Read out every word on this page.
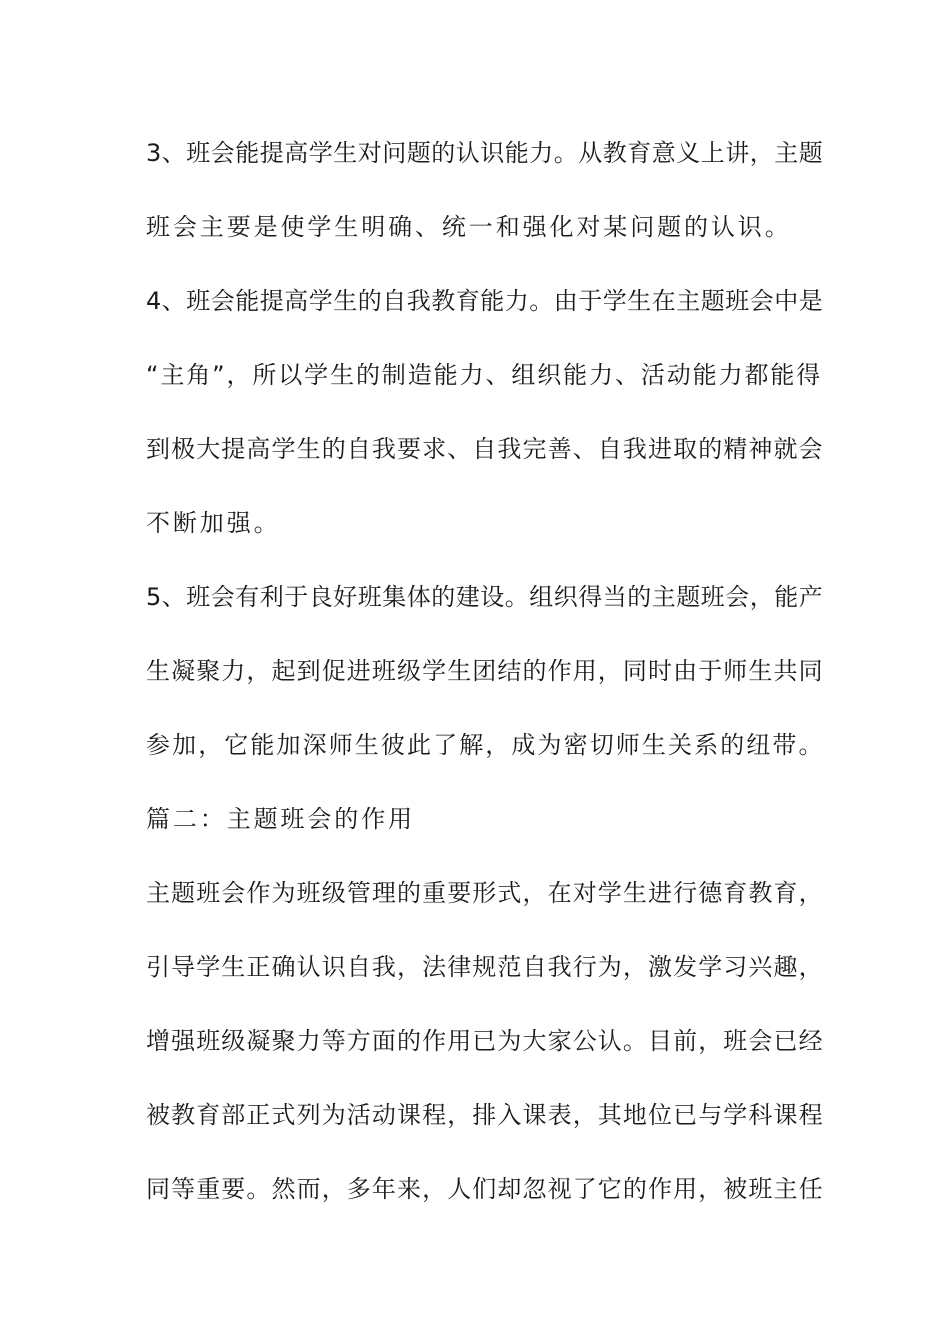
3、班会能提高学生对问题的认识能力。从教育意义上讲，主题
班会主要是使学生明确、统一和强化对某问题的认识。
4、班会能提高学生的自我教育能力。由于学生在主题班会中是
“主角”，所以学生的制造能力、组织能力、活动能力都能得
到极大提高学生的自我要求、自我完善、自我进取的精神就会
不断加强。
5、班会有利于良好班集体的建设。组织得当的主题班会，能产
生凝聚力，起到促进班级学生团结的作用，同时由于师生共同
参加，它能加深师生彼此了解，成为密切师生关系的纽带。
篇二：主题班会的作用
主题班会作为班级管理的重要形式，在对学生进行德育教育，
引导学生正确认识自我，法律规范自我行为，激发学习兴趣，
增强班级凝聚力等方面的作用已为大家公认。目前，班会已经
被教育部正式列为活动课程，排入课表，其地位已与学科课程
同等重要。然而，多年来，人们却忽视了它的作用，被班主任
